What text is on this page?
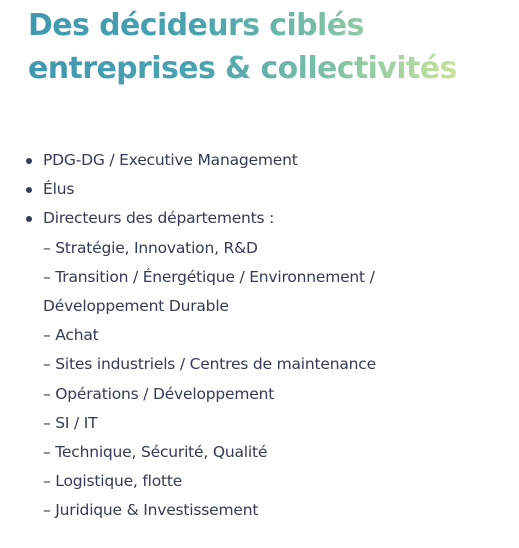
Des décideurs ciblés
entreprises & collectivités
PDG-DG / Executive Management
Élus
Directeurs des départements :
– Stratégie, Innovation, R&D
– Transition / Énergétique / Environnement /
Développement Durable
– Achat
– Sites industriels / Centres de maintenance
– Opérations / Développement
– SI / IT
– Technique, Sécurité, Qualité
– Logistique, flotte
– Juridique & Investissement
